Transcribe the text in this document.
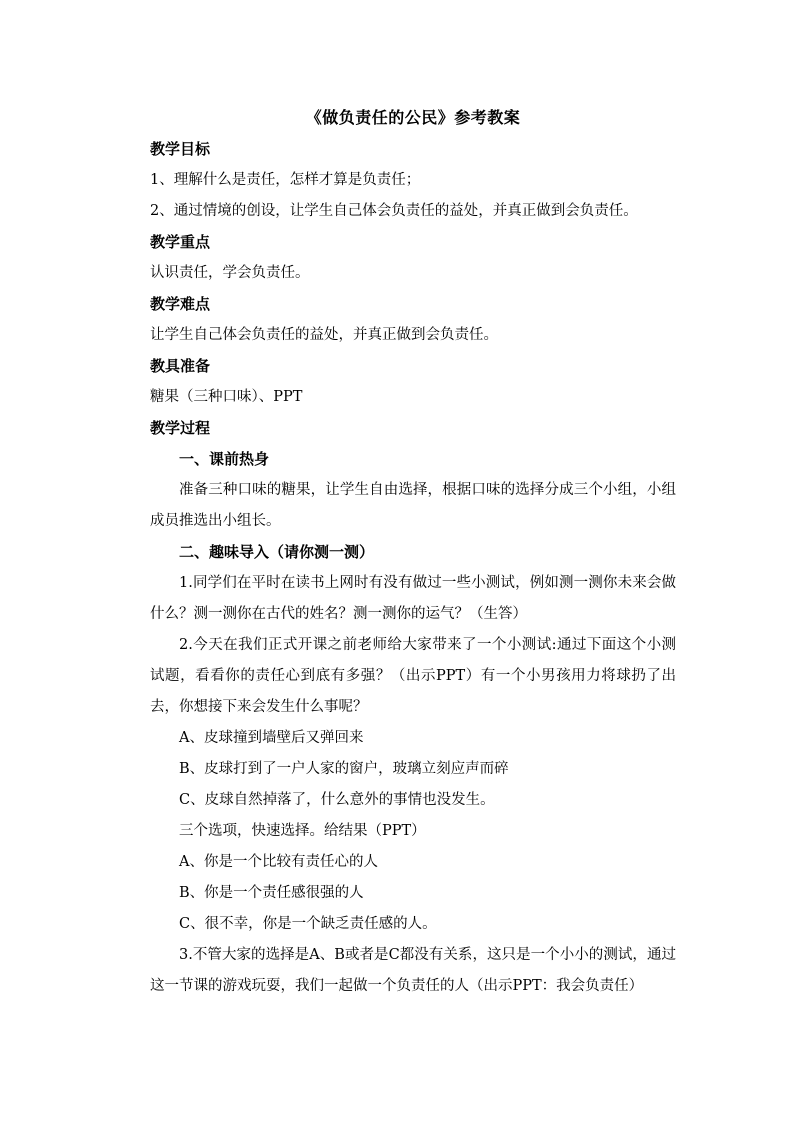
《做负责任的公民》参考教案

教学目标

1、理解什么是责任，怎样才算是负责任；

2、通过情境的创设，让学生自己体会负责任的益处，并真正做到会负责任。

教学重点

认识责任，学会负责任。

教学难点

让学生自己体会负责任的益处，并真正做到会负责任。

教具准备

糖果（三种口味）、PPT

教学过程

一、课前热身

准备三种口味的糖果，让学生自由选择，根据口味的选择分成三个小组，小组成员推选出小组长。

二、趣味导入（请你测一测）

1.同学们在平时在读书上网时有没有做过一些小测试，例如测一测你未来会做什么？测一测你在古代的姓名？测一测你的运气？（生答）

2.今天在我们正式开课之前老师给大家带来了一个小测试:通过下面这个小测试题，看看你的责任心到底有多强？（出示PPT）有一个小男孩用力将球扔了出去，你想接下来会发生什么事呢？

A、皮球撞到墙壁后又弹回来

B、皮球打到了一户人家的窗户，玻璃立刻应声而碎

C、皮球自然掉落了，什么意外的事情也没发生。

三个选项，快速选择。给结果（PPT）

A、你是一个比较有责任心的人

B、你是一个责任感很强的人

C、很不幸，你是一个缺乏责任感的人。

3.不管大家的选择是A、B或者是C都没有关系，这只是一个小小的测试，通过这一节课的游戏玩耍，我们一起做一个负责任的人（出示PPT：我会负责任）
